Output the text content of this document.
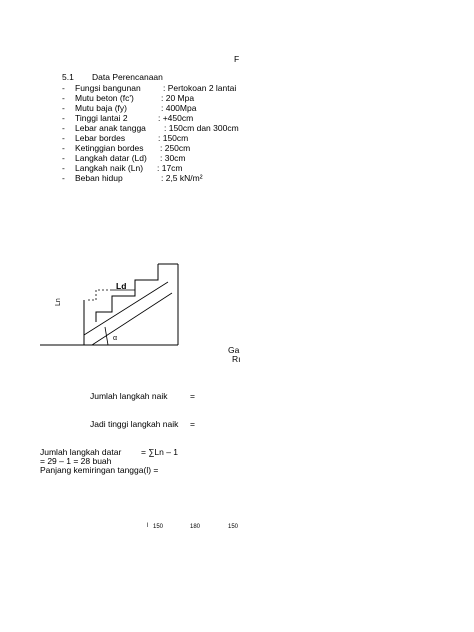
F
5.1 Data Perencanaan
- Fungsi bangunan	: Pertokoan 2 lantai
- Mutu beton (fc')	: 20 Mpa
- Mutu baja (fy)	: 400Mpa
- Tinggi lantai 2	: +450cm
- Lebar anak tangga : 150cm dan 300cm
- Lebar bordes	: 150cm
- Ketinggian bordes : 250cm
- Langkah datar (Ld) : 30cm
- Langkah naik (Ln) : 17cm
- Beban hidup	: 2,5 kN/m²
Ld
Ln
α
Ga
Rı
Jumlah langkah naik	=
Jadi tinggi langkah naik =
Jumlah langkah datar = ∑Ln – 1
= 29 – 1 = 28 buah
Panjang kemiringan tangga(l) =
l 150	180	150
